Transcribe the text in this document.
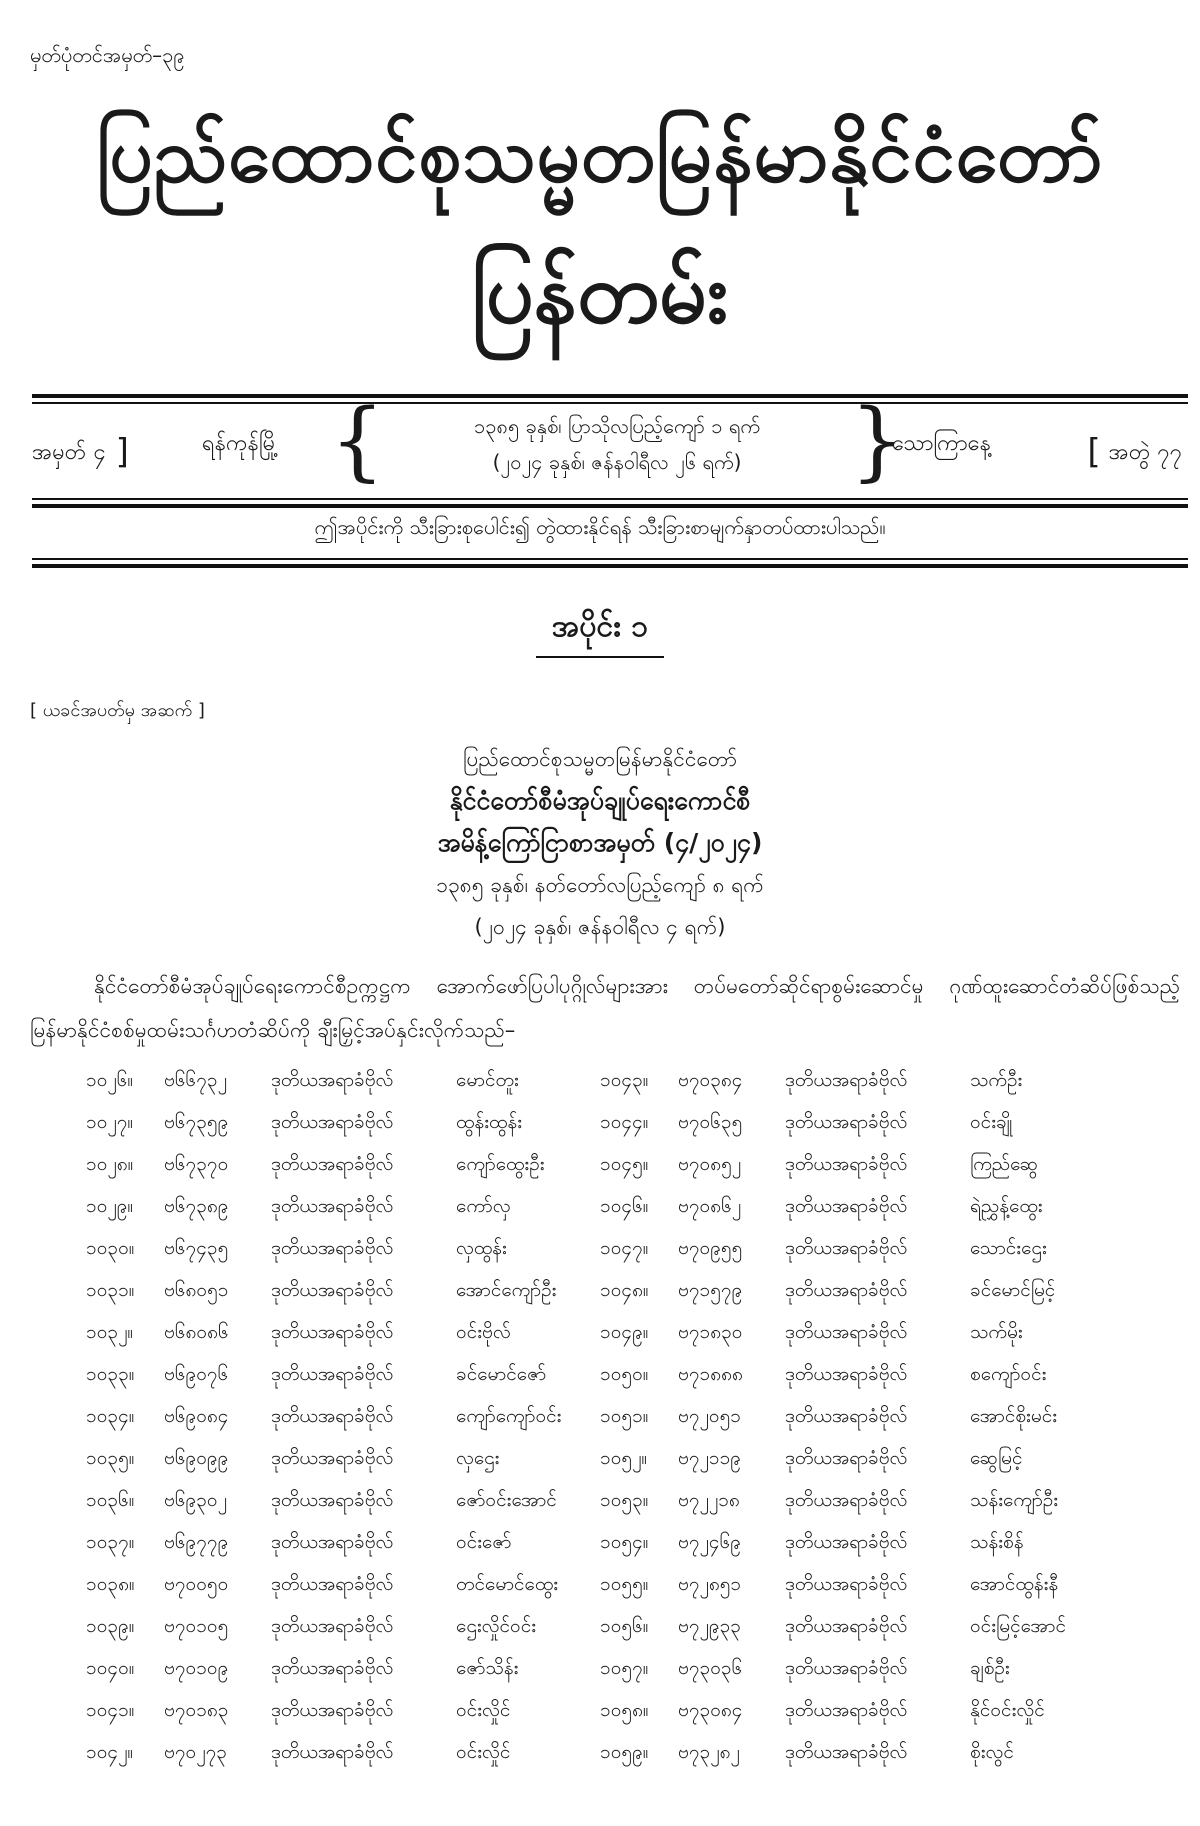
မှတ်ပုံတင်အမှတ်–၃၉
ပြည်ထောင်စုသမ္မတမြန်မာနိုင်ငံတော်
ပြန်တမ်း
အမှတ် ၄ ]	ရန်ကုန်မြို့ {	၁၃၈၅ ခုနှစ်၊ ပြာသိုလပြည့်ကျော် ၁ ရက်
(၂၀၂၄ ခုနှစ်၊ ဇန်နဝါရီလ ၂၆ ရက်)	}
သောကြာနေ့	[ အတွဲ ၇၇
ဤအပိုင်းကို သီးခြားစုပေါင်း၍ တွဲထားနိုင်ရန် သီးခြားစာမျက်နှာတပ်ထားပါသည်။
အပိုင်း ၁
[ ယခင်အပတ်မှ အဆက် ]
ပြည်ထောင်စုသမ္မတမြန်မာနိုင်ငံတော်
နိုင်ငံတော်စီမံအုပ်ချုပ်ရေးကောင်စီ
အမိန့်ကြော်ငြာစာအမှတ် (၄/၂၀၂၄)
၁၃၈၅ ခုနှစ်၊ နတ်တော်လပြည့်ကျော် ၈ ရက်
(၂၀၂၄ ခုနှစ်၊ ဇန်နဝါရီလ ၄ ရက်)
နိုင်ငံတော်စီမံအုပ်ချုပ်ရေးကောင်စီဥက္ကဋ္ဌက အောက်ဖော်ပြပါပုဂ္ဂိုလ်များအား တပ်မတော်ဆိုင်ရာစွမ်းဆောင်မှု ဂုဏ်ထူးဆောင်တံဆိပ်ဖြစ်သည့် မြန်မာနိုင်ငံစစ်မှုထမ်းသင်္ဂဟတံဆိပ်ကို ချီးမြှင့်အပ်နှင်းလိုက်သည်–
၁၀၂၆။ ဗ၆၆၇၃၂ ဒုတိယအရာခံဗိုလ်	မောင်တူး
၁၀၂၇။ ဗ၆၇၃၅၉ ဒုတိယအရာခံဗိုလ်	ထွန်းထွန်း
၁၀၂၈။ ဗ၆၇၃၇၀ ဒုတိယအရာခံဗိုလ်	ကျော်ထွေးဦး
၁၀၂၉။ ဗ၆၇၃၈၉ ဒုတိယအရာခံဗိုလ်	ကော်လှ
၁၀၃၀။ ဗ၆၇၄၃၅ ဒုတိယအရာခံဗိုလ်	လှထွန်း
၁၀၃၁။ ဗ၆၈၀၅၁ ဒုတိယအရာခံဗိုလ်	အောင်ကျော်ဦး
၁၀၃၂။ ဗ၆၈၀၈၆ ဒုတိယအရာခံဗိုလ်	ဝင်းဗိုလ်
၁၀၃၃။ ဗ၆၉၀၇၆ ဒုတိယအရာခံဗိုလ်	ခင်မောင်ဇော်
၁၀၃၄။ ဗ၆၉၀၈၄ ဒုတိယအရာခံဗိုလ်	ကျော်ကျော်ဝင်း
၁၀၃၅။ ဗ၆၉၀၉၉ ဒုတိယအရာခံဗိုလ်	လှဌေး
၁၀၃၆။ ဗ၆၉၃၀၂ ဒုတိယအရာခံဗိုလ်	ဇော်ဝင်းအောင်
၁၀၃၇။ ဗ၆၉၇၇၉ ဒုတိယအရာခံဗိုလ်	ဝင်းဇော်
၁၀၃၈။ ဗ၇၀၀၅၀ ဒုတိယအရာခံဗိုလ်	တင်မောင်ထွေး
၁၀၃၉။ ဗ၇၀၁၀၅ ဒုတိယအရာခံဗိုလ်	ဌေးလှိုင်ဝင်း
၁၀၄၀။ ဗ၇၀၁၀၉ ဒုတိယအရာခံဗိုလ်	ဇော်သိန်း
၁၀၄၁။ ဗ၇၀၁၈၃ ဒုတိယအရာခံဗိုလ်	ဝင်းလှိုင်
၁၀၄၂။ ဗ၇၀၂၇၃ ဒုတိယအရာခံဗိုလ်	ဝင်းလှိုင်
၁၀၄၃။ ဗ၇၀၃၈၄ ဒုတိယအရာခံဗိုလ်	သက်ဦး
၁၀၄၄။ ဗ၇၀၆၃၅ ဒုတိယအရာခံဗိုလ်	ဝင်းချို
၁၀၄၅။ ဗ၇၀၈၅၂ ဒုတိယအရာခံဗိုလ်	ကြည်ဆွေ
၁၀၄၆။ ဗ၇၀၈၆၂ ဒုတိယအရာခံဗိုလ်	ရဲညွှန့်ထွေး
၁၀၄၇။ ဗ၇၀၉၅၅ ဒုတိယအရာခံဗိုလ်	သောင်းဌေး
၁၀၄၈။ ဗ၇၁၅၇၉ ဒုတိယအရာခံဗိုလ်	ခင်မောင်မြင့်
၁၀၄၉။ ဗ၇၁၈၃၀ ဒုတိယအရာခံဗိုလ်	သက်မိုး
၁၀၅၀။ ဗ၇၁၈၈၈ ဒုတိယအရာခံဗိုလ်	စကျော်ဝင်း
၁၀၅၁။ ဗ၇၂၀၅၁ ဒုတိယအရာခံဗိုလ်	အောင်စိုးမင်း
၁၀၅၂။ ဗ၇၂၁၁၉ ဒုတိယအရာခံဗိုလ်	ဆွေမြင့်
၁၀၅၃။ ဗ၇၂၂၁၈ ဒုတိယအရာခံဗိုလ်	သန်းကျော်ဦး
၁၀၅၄။ ဗ၇၂၄၆၉ ဒုတိယအရာခံဗိုလ်	သန်းစိန်
၁၀၅၅။ ဗ၇၂၈၅၁ ဒုတိယအရာခံဗိုလ်	အောင်ထွန်းနီ
၁၀၅၆။ ဗ၇၂၉၃၃ ဒုတိယအရာခံဗိုလ်	ဝင်းမြင့်အောင်
၁၀၅၇။ ဗ၇၃၀၃၆ ဒုတိယအရာခံဗိုလ်	ချစ်ဦး
၁၀၅၈။ ဗ၇၃၀၈၄ ဒုတိယအရာခံဗိုလ်	နိုင်ဝင်းလှိုင်
၁၀၅၉။ ဗ၇၃၂၈၂ ဒုတိယအရာခံဗိုလ်	စိုးလွင်
